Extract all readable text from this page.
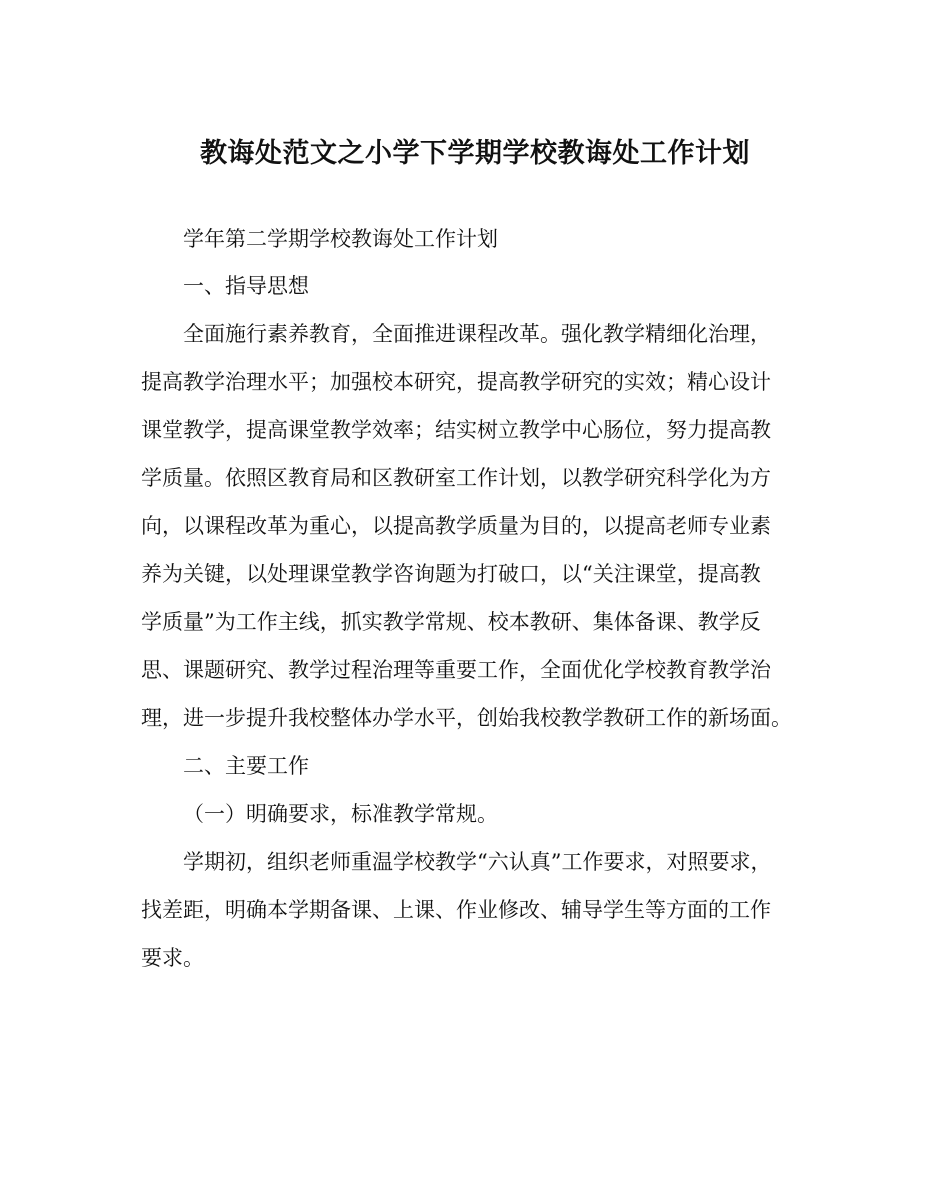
教诲处范文之小学下学期学校教诲处工作计划

学年第二学期学校教诲处工作计划

一、指导思想

全面施行素养教育，全面推进课程改革。强化教学精细化治理，

提高教学治理水平；加强校本研究，提高教学研究的实效；精心设计

课堂教学，提高课堂教学效率；结实树立教学中心肠位，努力提高教

学质量。依照区教育局和区教研室工作计划，以教学研究科学化为方

向，以课程改革为重心，以提高教学质量为目的，以提高老师专业素

养为关键，以处理课堂教学咨询题为打破口，以“关注课堂，提高教

学质量”为工作主线，抓实教学常规、校本教研、集体备课、教学反

思、课题研究、教学过程治理等重要工作，全面优化学校教育教学治

理，进一步提升我校整体办学水平，创始我校教学教研工作的新场面。

二、主要工作

（一）明确要求，标准教学常规。

学期初，组织老师重温学校教学“六认真”工作要求，对照要求，

找差距，明确本学期备课、上课、作业修改、辅导学生等方面的工作

要求。
